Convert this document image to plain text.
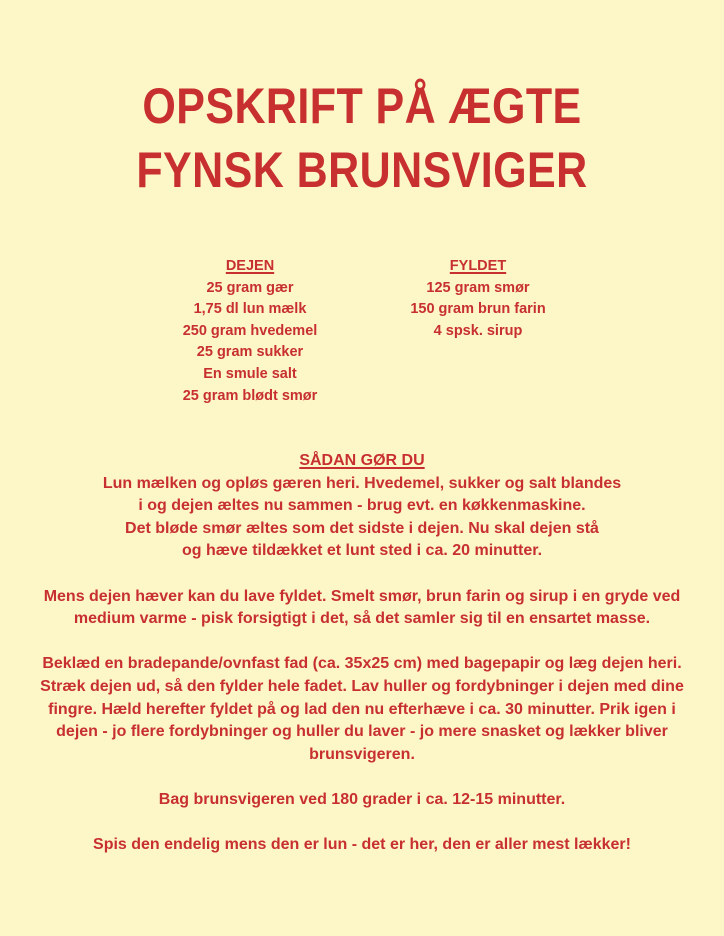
OPSKRIFT PÅ ÆGTE
FYNSK BRUNSVIGER
DEJEN
25 gram gær
1,75 dl lun mælk
250 gram hvedemel
25 gram sukker
En smule salt
25 gram blødt smør
FYLDET
125 gram smør
150 gram brun farin
4 spsk. sirup
SÅDAN GØR DU
Lun mælken og opløs gæren heri. Hvedemel, sukker og salt blandes
i og dejen æltes nu sammen - brug evt. en køkkenmaskine.
Det bløde smør æltes som det sidste i dejen. Nu skal dejen stå
og hæve tildækket et lunt sted i ca. 20 minutter.
Mens dejen hæver kan du lave fyldet. Smelt smør, brun farin og sirup i en gryde ved
medium varme - pisk forsigtigt i det, så det samler sig til en ensartet masse.
Beklæd en bradepande/ovnfast fad (ca. 35x25 cm) med bagepapir og læg dejen heri.
Stræk dejen ud, så den fylder hele fadet. Lav huller og fordybninger i dejen med dine
fingre. Hæld herefter fyldet på og lad den nu efterhæve i ca. 30 minutter. Prik igen i
dejen - jo flere fordybninger og huller du laver - jo mere snasket og lækker bliver
brunsvigeren.
Bag brunsvigeren ved 180 grader i ca. 12-15 minutter.
Spis den endelig mens den er lun - det er her, den er aller mest lækker!
